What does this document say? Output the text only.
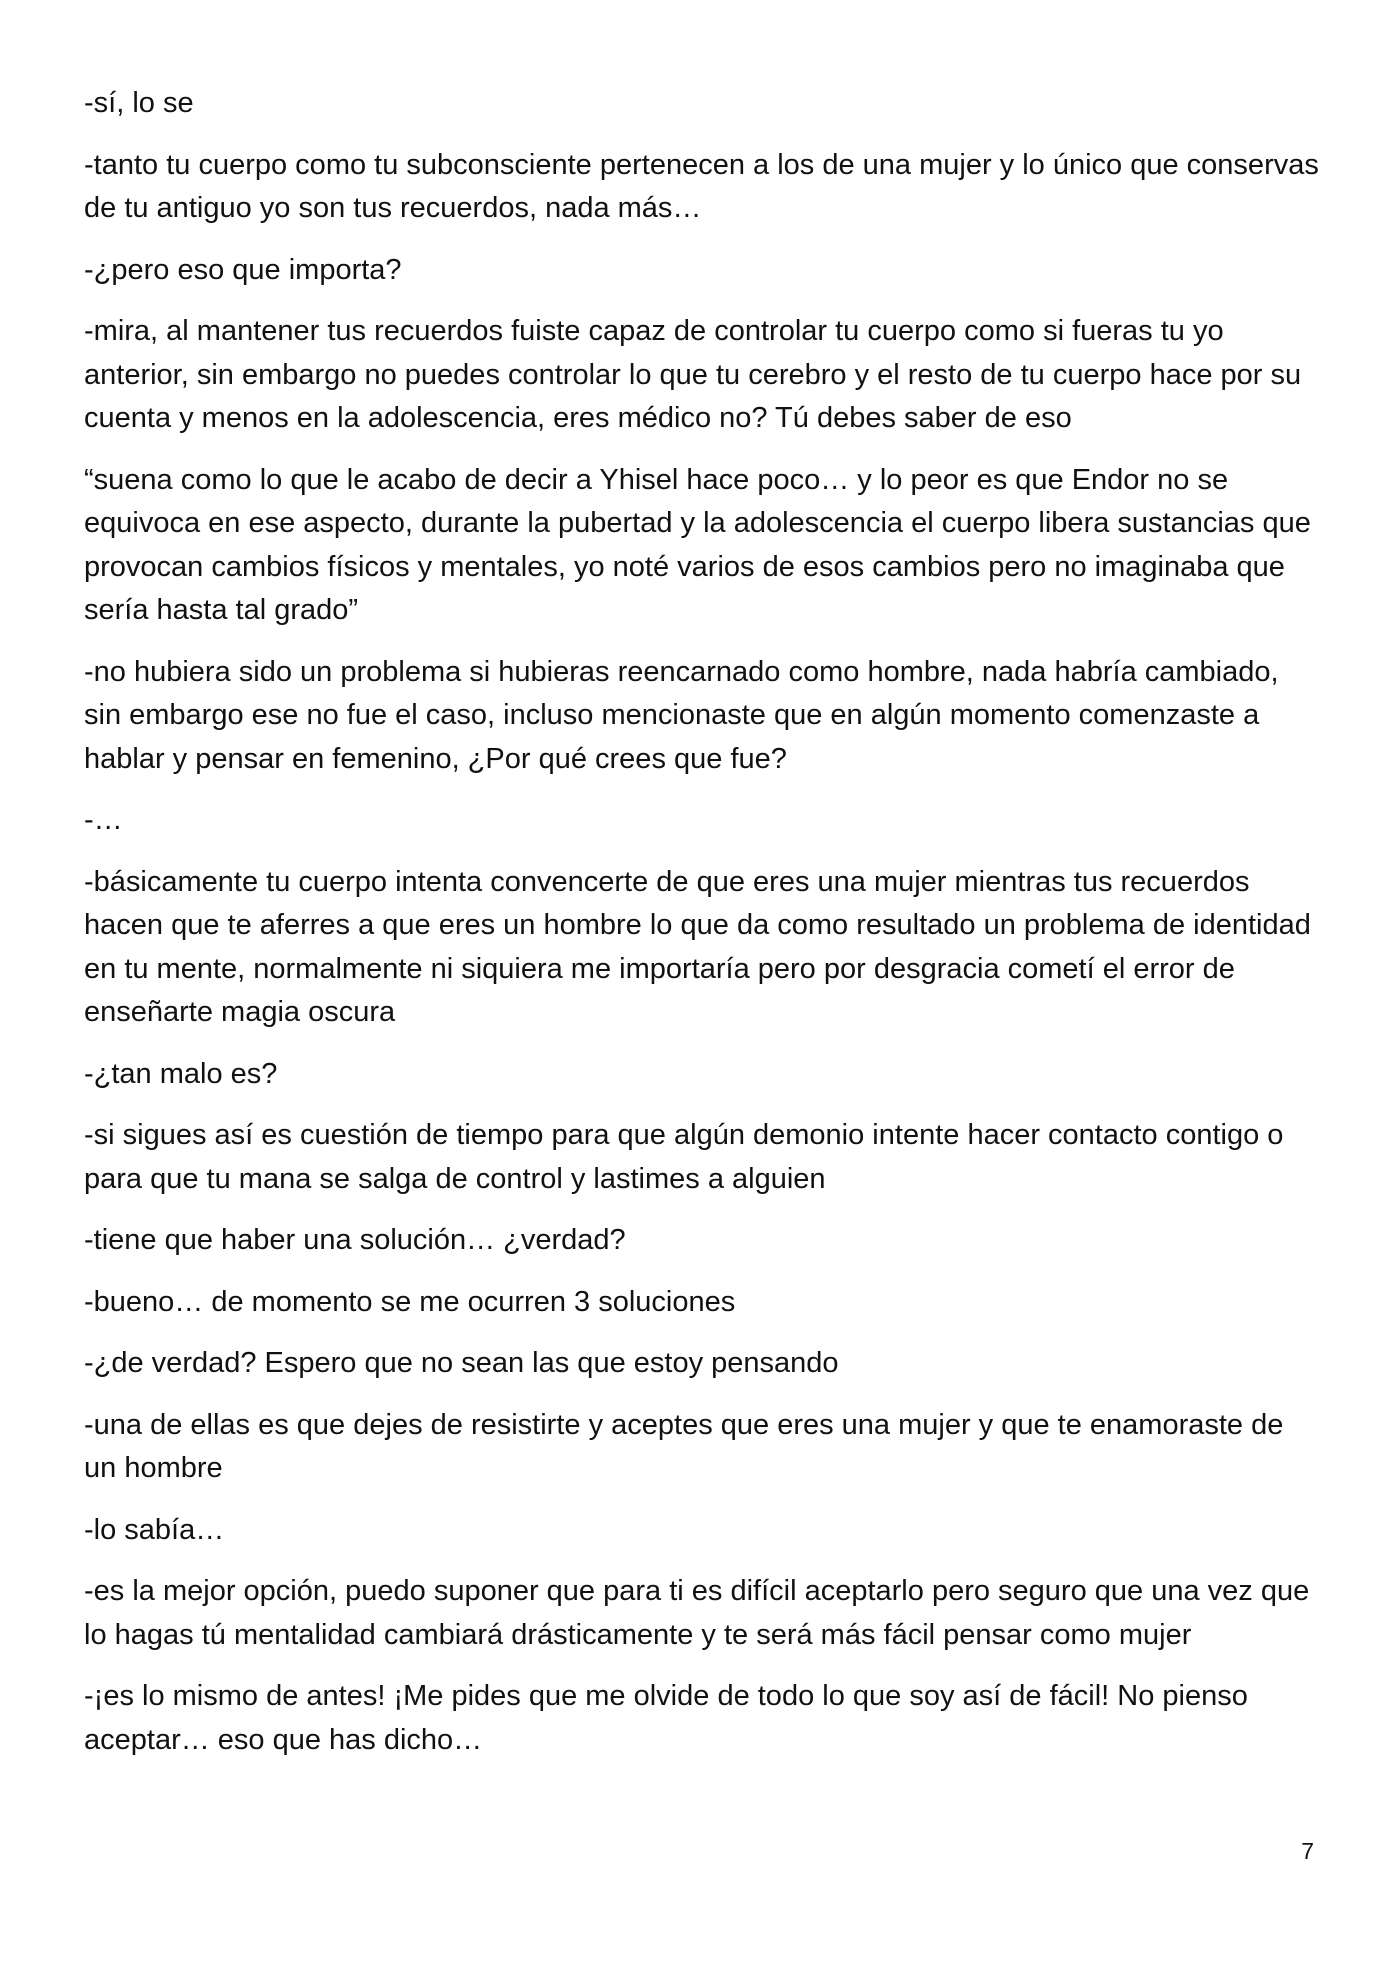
-sí, lo se

-tanto tu cuerpo como tu subconsciente pertenecen a los de una mujer y lo único que conservas de tu antiguo yo son tus recuerdos, nada más…

-¿pero eso que importa?

-mira, al mantener tus recuerdos fuiste capaz de controlar tu cuerpo como si fueras tu yo anterior, sin embargo no puedes controlar lo que tu cerebro y el resto de tu cuerpo hace por su cuenta y menos en la adolescencia, eres médico no? Tú debes saber de eso

“suena como lo que le acabo de decir a Yhisel hace poco… y lo peor es que Endor no se equivoca en ese aspecto, durante la pubertad y la adolescencia el cuerpo libera sustancias que provocan cambios físicos y mentales, yo noté varios de esos cambios pero no imaginaba que sería hasta tal grado”

-no hubiera sido un problema si hubieras reencarnado como hombre, nada habría cambiado, sin embargo ese no fue el caso, incluso mencionaste que en algún momento comenzaste a hablar y pensar en femenino, ¿Por qué crees que fue?

-…

-básicamente tu cuerpo intenta convencerte de que eres una mujer mientras tus recuerdos hacen que te aferres a que eres un hombre lo que da como resultado un problema de identidad en tu mente, normalmente ni siquiera me importaría pero por desgracia cometí el error de enseñarte magia oscura

-¿tan malo es?

-si sigues así es cuestión de tiempo para que algún demonio intente hacer contacto contigo o para que tu mana se salga de control y lastimes a alguien

-tiene que haber una solución… ¿verdad?

-bueno… de momento se me ocurren 3 soluciones

-¿de verdad? Espero que no sean las que estoy pensando

-una de ellas es que dejes de resistirte y aceptes que eres una mujer y que te enamoraste de un hombre

-lo sabía…

-es la mejor opción, puedo suponer que para ti es difícil aceptarlo pero seguro que una vez que lo hagas tú mentalidad cambiará drásticamente y te será más fácil pensar como mujer

-¡es lo mismo de antes! ¡Me pides que me olvide de todo lo que soy así de fácil! No pienso aceptar… eso que has dicho…

7
